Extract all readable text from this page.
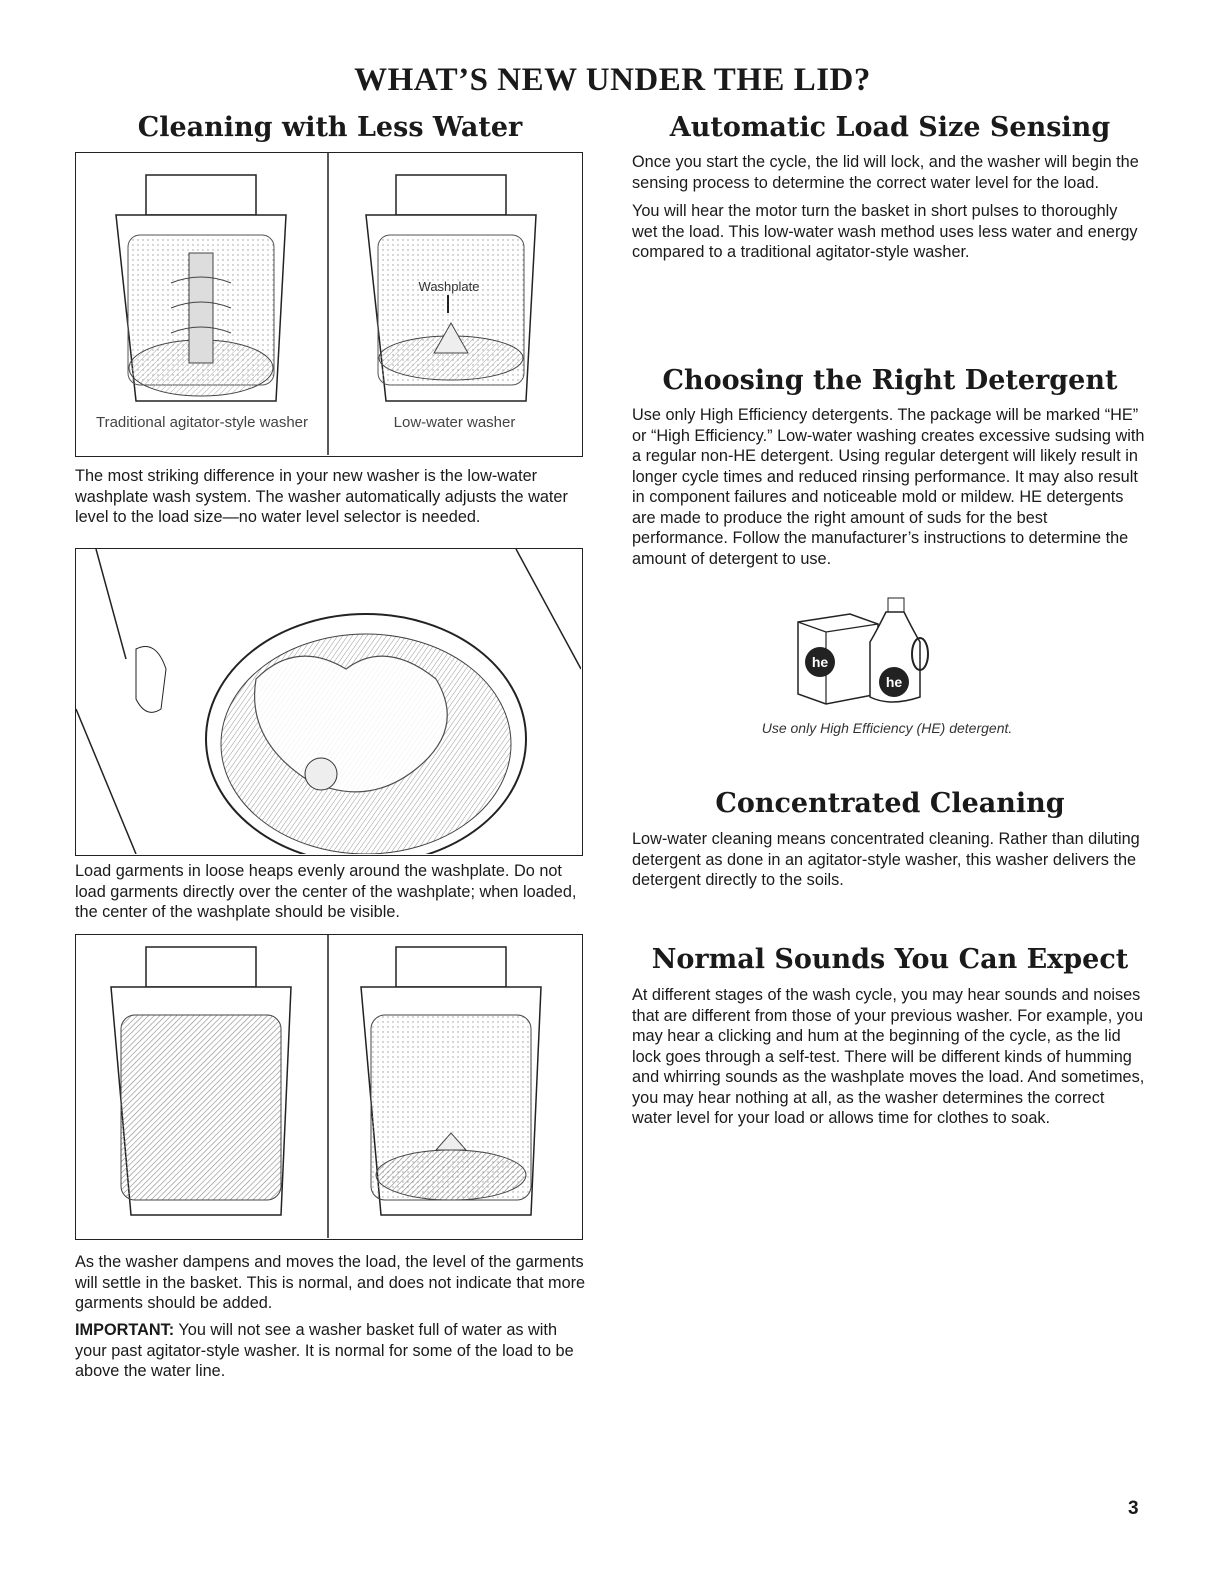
WHAT’S NEW UNDER THE LID?
Cleaning with Less Water
Washplate
Traditional agitator-style washer	Low-water washer
The most striking difference in your new washer is the low-water washplate wash system. The washer automatically adjusts the water level to the load size—no water level selector is needed.
Load garments in loose heaps evenly around the washplate. Do not load garments directly over the center of the washplate; when loaded, the center of the washplate should be visible.
As the washer dampens and moves the load, the level of the garments will settle in the basket. This is normal, and does not indicate that more garments should be added.
IMPORTANT: You will not see a washer basket full of water as with your past agitator-style washer. It is normal for some of the load to be above the water line.
Automatic Load Size Sensing

Once you start the cycle, the lid will lock, and the washer will begin the sensing process to determine the correct water level for the load.

You will hear the motor turn the basket in short pulses to thoroughly wet the load. This low-water wash method uses less water and energy compared to a traditional agitator-style washer.

Choosing the Right Detergent
Use only High Efficiency detergents. The package will be marked “HE” or “High Efficiency.” Low-water washing creates excessive sudsing with a regular non-HE detergent. Using regular detergent will likely result in longer cycle times and reduced rinsing performance. It may also result in component failures and noticeable mold or mildew. HE detergents are made to produce the right amount of suds for the best performance. Follow the manufacturer’s instructions to determine the amount of detergent to use.
he
he
Use only High Efficiency (HE) detergent.
Concentrated Cleaning
Low-water cleaning means concentrated cleaning. Rather than diluting detergent as done in an agitator-style washer, this washer delivers the detergent directly to the soils.
Normal Sounds You Can Expect
At different stages of the wash cycle, you may hear sounds and noises that are different from those of your previous washer. For example, you may hear a clicking and hum at the beginning of the cycle, as the lid lock goes through a self-test. There will be different kinds of humming and whirring sounds as the washplate moves the load. And sometimes, you may hear nothing at all, as the washer determines the correct water level for your load or allows time for clothes to soak.
3
